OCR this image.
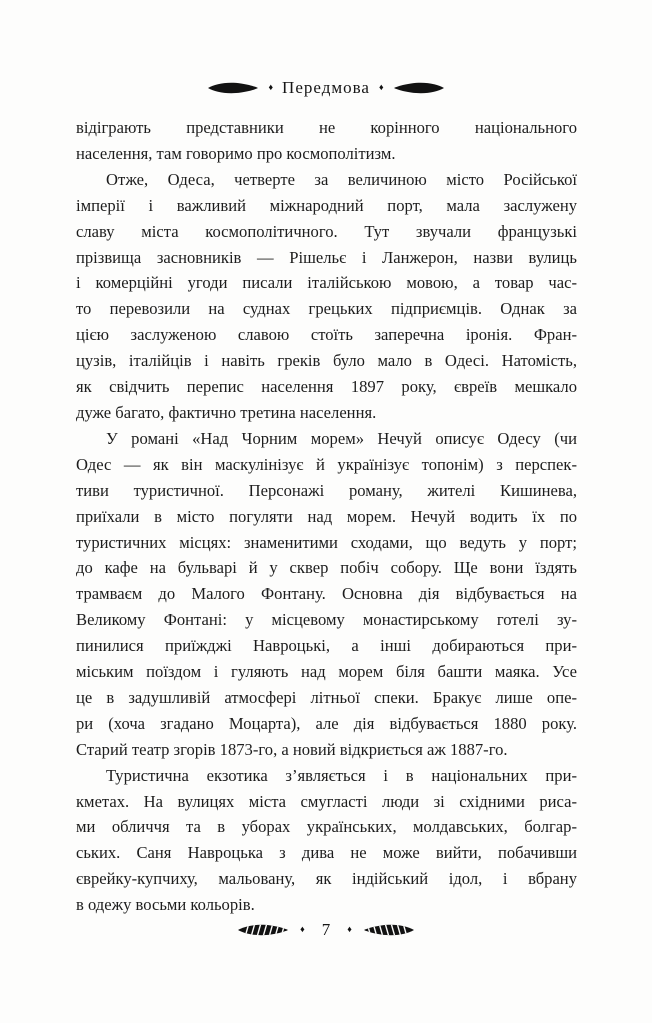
♦ Передмова ♦
відіграють представники не корінного національного
населення, там говоримо про космополітизм.
Отже, Одеса, четверте за величиною місто Російської
імперії і важливий міжнародний порт, мала заслужену
славу міста космополітичного. Тут звучали французькі
прізвища засновників — Рішельє і Ланжерон, назви вулиць
і комерційні угоди писали італійською мовою, а товар час-
то перевозили на суднах грецьких підприємців. Однак за
цією заслуженою славою стоїть заперечна іронія. Фран-
цузів, італійців і навіть греків було мало в Одесі. Натомість,
як свідчить перепис населення 1897 року, євреїв мешкало
дуже багато, фактично третина населення.
У романі «Над Чорним морем» Нечуй описує Одесу (чи
Одес — як він маскулінізує й українізує топонім) з перспек-
тиви туристичної. Персонажі роману, жителі Кишинева,
приїхали в місто погуляти над морем. Нечуй водить їх по
туристичних місцях: знаменитими сходами, що ведуть у порт;
до кафе на бульварі й у сквер побіч собору. Ще вони їздять
трамваєм до Малого Фонтану. Основна дія відбувається на
Великому Фонтані: у місцевому монастирському готелі зу-
пинилися приїжджі Навроцькі, а інші добираються при-
міським поїздом і гуляють над морем біля башти маяка. Усе
це в задушливій атмосфері літньої спеки. Бракує лише опе-
ри (хоча згадано Моцарта), але дія відбувається 1880 року.
Старий театр згорів 1873-го, а новий відкриється аж 1887-го.
Туристична екзотика з’являється і в національних при-
кметах. На вулицях міста смугласті люди зі східними риса-
ми обличчя та в уборах українських, молдавських, болгар-
ських. Саня Навроцька з дива не може вийти, побачивши
єврейку-купчиху, мальовану, як індійський ідол, і вбрану
в одежу восьми кольорів.
♦	7	♦
